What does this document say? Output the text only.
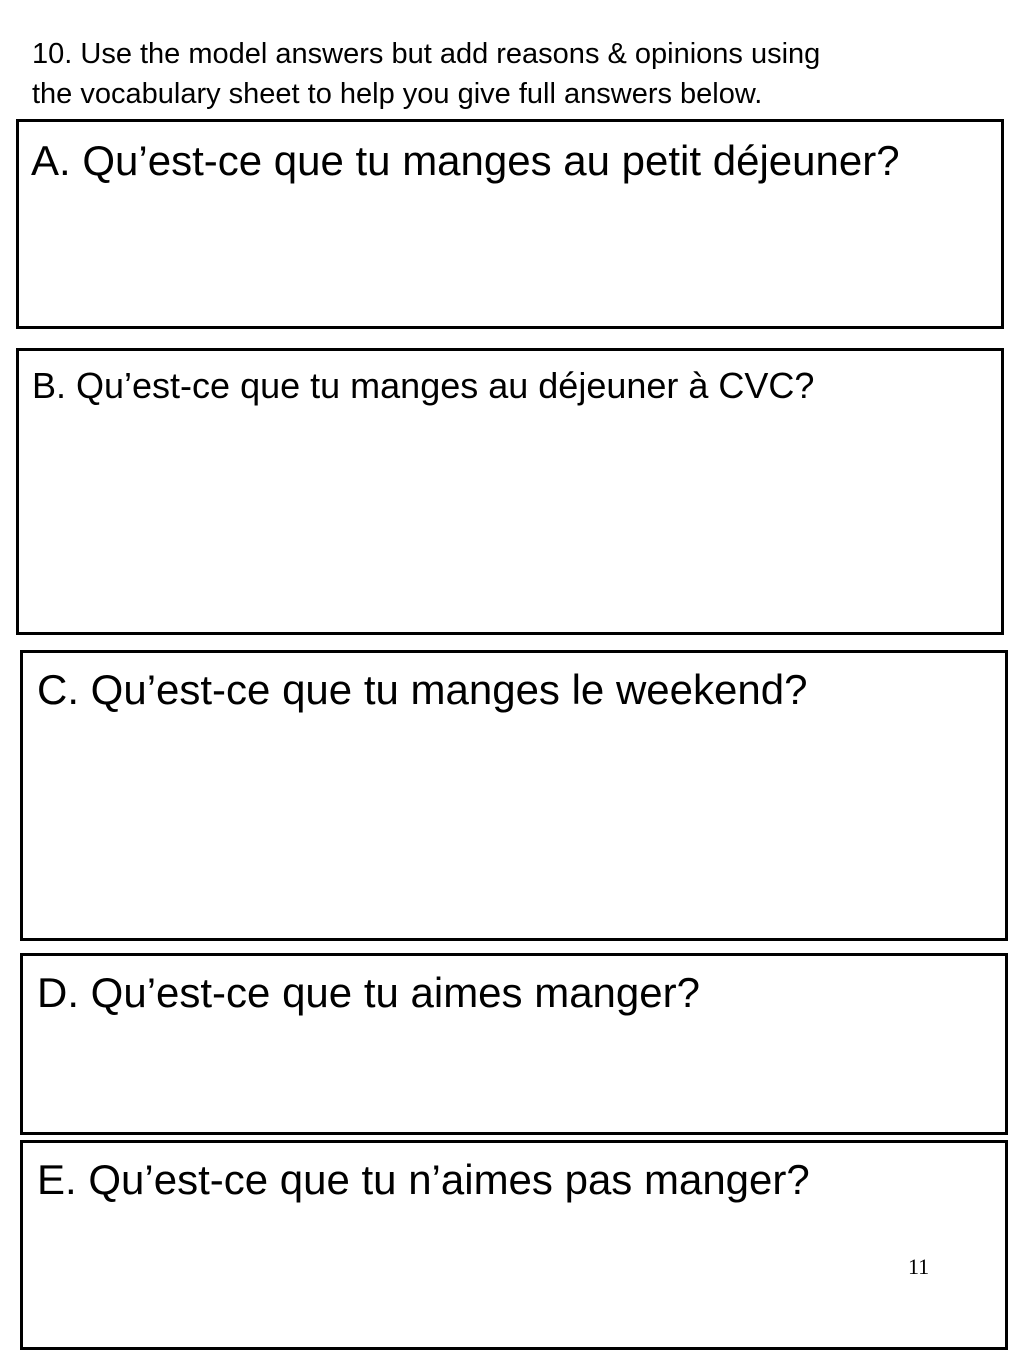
10. Use the model answers but add reasons & opinions using
the vocabulary sheet to help you give full answers below.

A. Qu’est-ce que tu manges au petit déjeuner?

B. Qu’est-ce que tu manges au déjeuner à CVC?

C. Qu’est-ce que tu manges le weekend?

D. Qu’est-ce que tu aimes manger?

E. Qu’est-ce que tu n’aimes pas manger?

11
